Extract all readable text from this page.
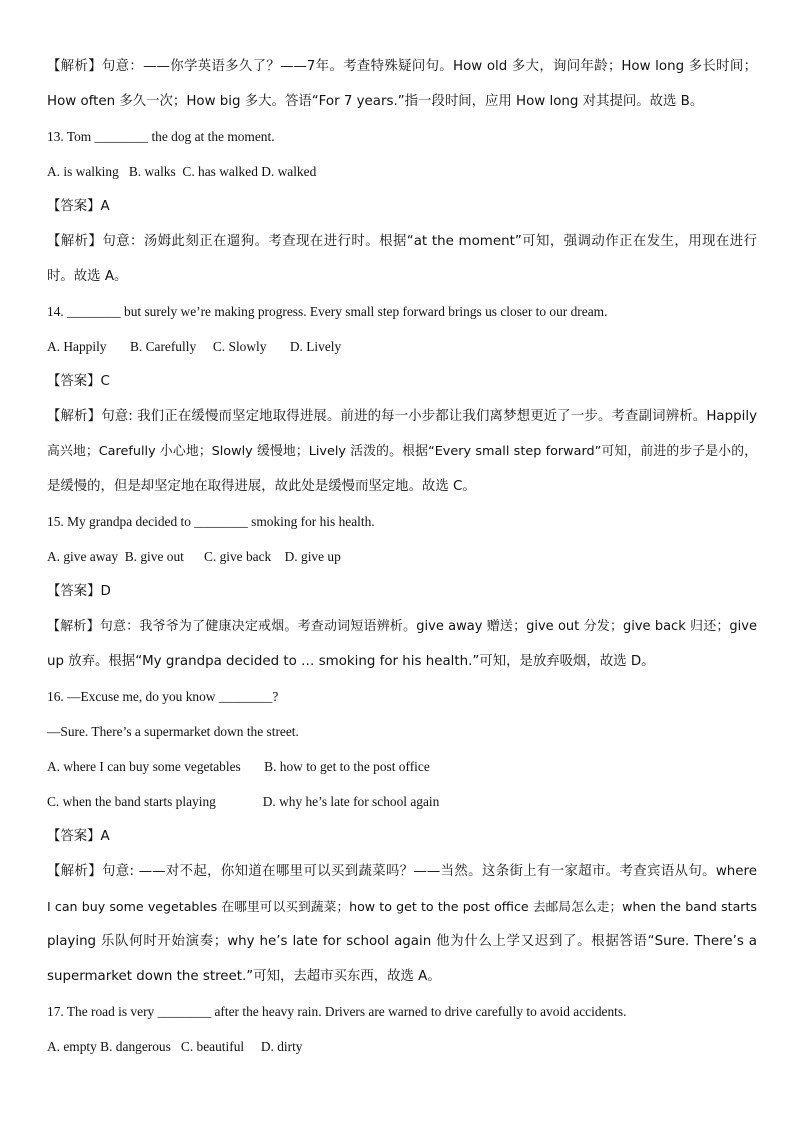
【解析】句意：——你学英语多久了？——7年。考查特殊疑问句。How old 多大，询问年龄；How long 多长时间；
How often 多久一次；How big 多大。答语“For 7 years.”指一段时间，应用 How long 对其提问。故选 B。
13. Tom ________ the dog at the moment.
A. is walking   B. walks  C. has walked D. walked
【答案】A
【解析】句意：汤姆此刻正在遛狗。考查现在进行时。根据“at the moment”可知，强调动作正在发生，用现在进行
时。故选 A。
14. ________ but surely we’re making progress. Every small step forward brings us closer to our dream.
A. Happily       B. Carefully     C. Slowly       D. Lively
【答案】C
【解析】句意: 我们正在缓慢而坚定地取得进展。前进的每一小步都让我们离梦想更近了一步。考查副词辨析。Happily
高兴地；Carefully 小心地；Slowly 缓慢地；Lively 活泼的。根据“Every small step forward”可知，前进的步子是小的，
是缓慢的，但是却坚定地在取得进展，故此处是缓慢而坚定地。故选 C。
15. My grandpa decided to ________ smoking for his health.
A. give away  B. give out      C. give back    D. give up
【答案】D
【解析】句意：我爷爷为了健康决定戒烟。考查动词短语辨析。give away 赠送；give out 分发；give back 归还；give
up 放弃。根据“My grandpa decided to … smoking for his health.”可知，是放弃吸烟，故选 D。
16. —Excuse me, do you know ________?
—Sure. There’s a supermarket down the street.
A. where I can buy some vegetables       B. how to get to the post office
C. when the band starts playing              D. why he’s late for school again
【答案】A
【解析】句意: ——对不起，你知道在哪里可以买到蔬菜吗？——当然。这条街上有一家超市。考查宾语从句。where
I can buy some vegetables 在哪里可以买到蔬菜；how to get to the post office 去邮局怎么走；when the band starts
playing 乐队何时开始演奏；why he’s late for school again 他为什么上学又迟到了。根据答语“Sure. There’s a
supermarket down the street.”可知，去超市买东西，故选 A。
17. The road is very ________ after the heavy rain. Drivers are warned to drive carefully to avoid accidents.
A. empty B. dangerous   C. beautiful     D. dirty
